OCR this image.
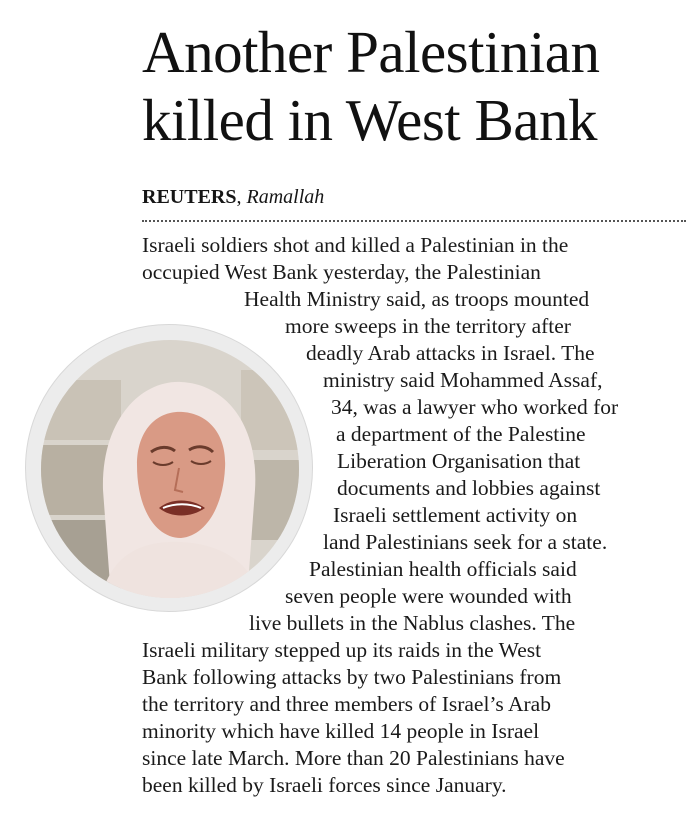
Another Palestinian
killed in West Bank
REUTERS, Ramallah
Israeli soldiers shot and killed a Palestinian in the
occupied West Bank yesterday, the Palestinian
Health Ministry said, as troops mounted
more sweeps in the territory after
deadly Arab attacks in Israel. The
ministry said Mohammed Assaf,
34, was a lawyer who worked for
a department of the Palestine
Liberation Organisation that
documents and lobbies against
Israeli settlement activity on
land Palestinians seek for a state.
Palestinian health officials said
seven people were wounded with
live bullets in the Nablus clashes. The
Israeli military stepped up its raids in the West
Bank following attacks by two Palestinians from
the territory and three members of Israel’s Arab
minority which have killed 14 people in Israel
since late March. More than 20 Palestinians have
been killed by Israeli forces since January.
